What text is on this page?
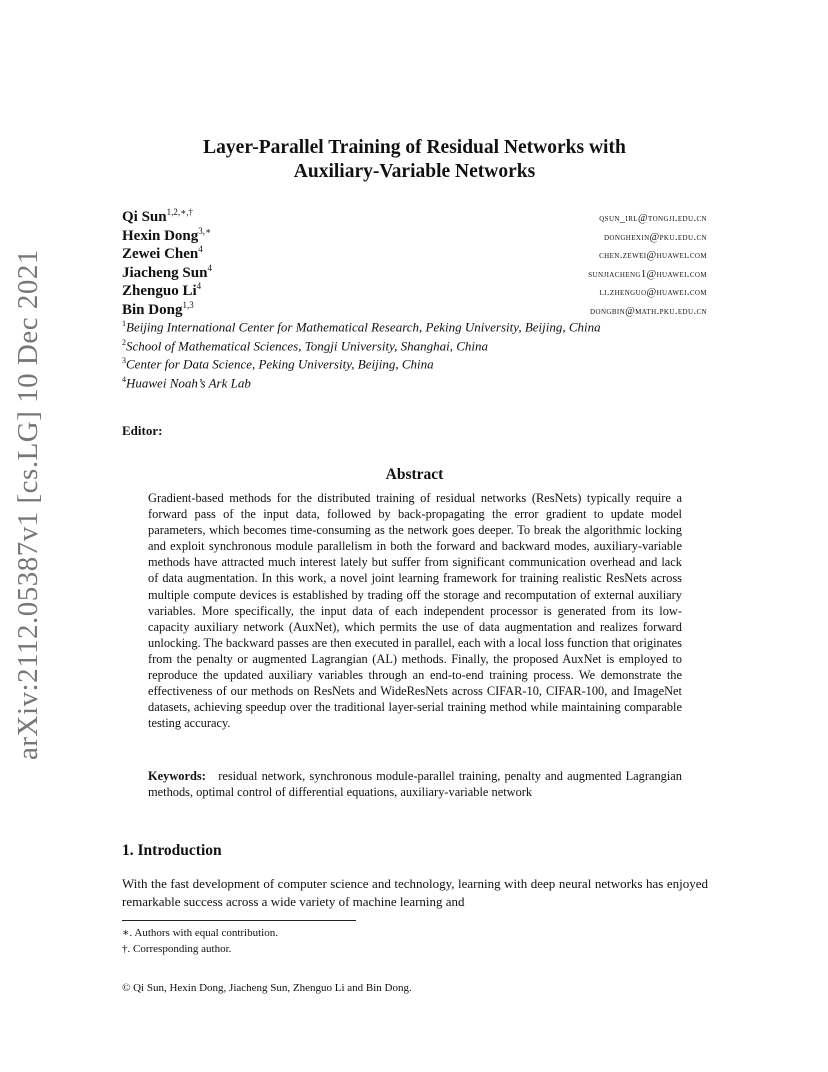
arXiv:2112.05387v1 [cs.LG] 10 Dec 2021
Layer-Parallel Training of Residual Networks with
Auxiliary-Variable Networks
Qi Sun$^{1,2,∗,\dagger}$
qsun_irl@tongji.edu.cn
Hexin Dong$^{3,∗}$
donghexin@pku.edu.cn
Zewei Chen$^4$
chen.zewei@huawei.com
Jiacheng Sun$^4$
sunjiacheng1@huawei.com
Zhenguo Li$^4$
li.zhenguo@huawei.com
Bin Dong$^{1,3}$
dongbin@math.pku.edu.cn
$^1$Beijing International Center for Mathematical Research, Peking University, Beijing, China
$^2$School of Mathematical Sciences, Tongji University, Shanghai, China
$^3$Center for Data Science, Peking University, Beijing, China
$^4$Huawei Noah’s Ark Lab
Editor:
Abstract
Gradient-based methods for the distributed training of residual networks (ResNets) typically require a forward pass of the input data, followed by back-propagating the error gradient to update model parameters, which becomes time-consuming as the network goes deeper. To break the algorithmic locking and exploit synchronous module parallelism in both the forward and backward modes, auxiliary-variable methods have attracted much interest lately but suffer from significant communication overhead and lack of data augmentation. In this work, a novel joint learning framework for training realistic ResNets across multiple compute devices is established by trading off the storage and recomputation of external auxiliary variables. More specifically, the input data of each independent processor is generated from its low-capacity auxiliary network (AuxNet), which permits the use of data augmentation and realizes forward unlocking. The backward passes are then executed in parallel, each with a local loss function that originates from the penalty or augmented Lagrangian (AL) methods. Finally, the proposed AuxNet is employed to reproduce the updated auxiliary variables through an end-to-end training process. We demonstrate the effectiveness of our methods on ResNets and WideResNets across CIFAR-10, CIFAR-100, and ImageNet datasets, achieving speedup over the traditional layer-serial training method while maintaining comparable testing accuracy.
Keywords: residual network, synchronous module-parallel training, penalty and augmented Lagrangian methods, optimal control of differential equations, auxiliary-variable network
1. Introduction
With the fast development of computer science and technology, learning with deep neural networks has enjoyed remarkable success across a wide variety of machine learning and
∗. Authors with equal contribution.
†. Corresponding author.
© Qi Sun, Hexin Dong, Jiacheng Sun, Zhenguo Li and Bin Dong.
